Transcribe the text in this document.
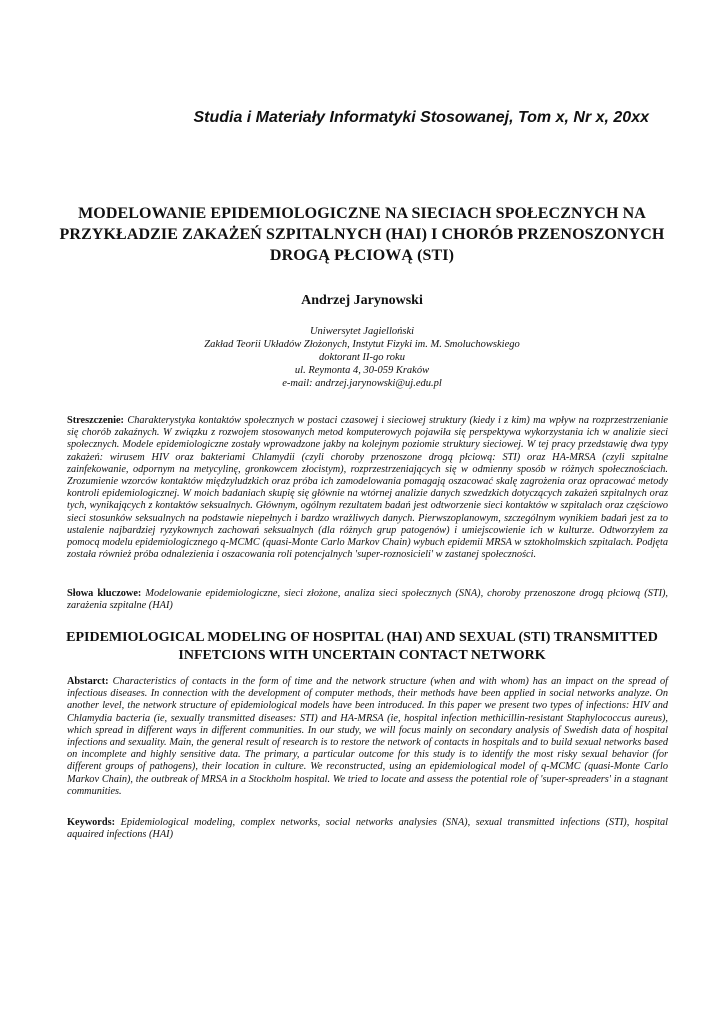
Studia i Materiały Informatyki Stosowanej, Tom x, Nr x, 20xx
MODELOWANIE EPIDEMIOLOGICZNE NA SIECIACH SPOŁECZNYCH NA PRZYKŁADZIE ZAKAŻEŃ SZPITALNYCH (HAI) I CHORÓB PRZENOSZONYCH DROGĄ PŁCIOWĄ (STI)
Andrzej Jarynowski
Uniwersytet Jagielloński
Zakład Teorii Układów Złożonych, Instytut Fizyki im. M. Smoluchowskiego
doktorant II-go roku
ul. Reymonta 4, 30-059 Kraków
e-mail: andrzej.jarynowski@uj.edu.pl
Streszczenie: Charakterystyka kontaktów społecznych w postaci czasowej i sieciowej struktury (kiedy i z kim) ma wpływ na rozprzestrzenianie się chorób zakaźnych. W związku z rozwojem stosowanych metod komputerowych pojawiła się perspektywa wykorzystania ich w analizie sieci społecznych. Modele epidemiologiczne zostały wprowadzone jakby na kolejnym poziomie struktury sieciowej. W tej pracy przedstawię dwa typy zakażeń: wirusem HIV oraz bakteriami Chlamydii (czyli choroby przenoszone drogą płciową: STI) oraz HA-MRSA (czyli szpitalne zainfekowanie, odpornym na metycylinę, gronkowcem złocistym), rozprzestrzeniających się w odmienny sposób w różnych społecznościach. Zrozumienie wzorców kontaktów międzyludzkich oraz próba ich zamodelowania pomagają oszacować skalę zagrożenia oraz opracować metody kontroli epidemiologicznej. W moich badaniach skupię się głównie na wtórnej analizie danych szwedzkich dotyczących zakażeń szpitalnych oraz tych, wynikających z kontaktów seksualnych. Głównym, ogólnym rezultatem badań jest odtworzenie sieci kontaktów w szpitalach oraz częściowo sieci stosunków seksualnych na podstawie niepełnych i bardzo wrażliwych danych. Pierwszoplanowym, szczególnym wynikiem badań jest za to ustalenie najbardziej ryzykownych zachowań seksualnych (dla różnych grup patogenów) i umiejscowienie ich w kulturze. Odtworzyłem za pomocą modelu epidemiologicznego q-MCMC (quasi-Monte Carlo Markov Chain) wybuch epidemii MRSA w sztokholmskich szpitalach. Podjęta została również próba odnalezienia i oszacowania roli potencjalnych 'super-roznosicieli' w zastanej społeczności.
Słowa kluczowe: Modelowanie epidemiologiczne, sieci złożone, analiza sieci społecznych (SNA), choroby przenoszone drogą płciową (STI), zarażenia szpitalne (HAI)
EPIDEMIOLOGICAL MODELING OF HOSPITAL (HAI) AND SEXUAL (STI) TRANSMITTED INFETCIONS WITH UNCERTAIN CONTACT NETWORK
Abstarct: Characteristics of contacts in the form of time and the network structure (when and with whom) has an impact on the spread of infectious diseases. In connection with the development of computer methods, their methods have been applied in social networks analyze. On another level, the network structure of epidemiological models have been introduced. In this paper we present two types of infections: HIV and Chlamydia bacteria (ie, sexually transmitted diseases: STI) and HA-MRSA (ie, hospital infection methicillin-resistant Staphylococcus aureus), which spread in different ways in different communities. In our study, we will focus mainly on secondary analysis of Swedish data of hospital infections and sexuality. Main, the general result of research is to restore the network of contacts in hospitals and to build sexual networks based on incomplete and highly sensitive data. The primary, a particular outcome for this study is to identify the most risky sexual behavior (for different groups of pathogens), their location in culture. We reconstructed, using an epidemiological model of q-MCMC (quasi-Monte Carlo Markov Chain), the outbreak of MRSA in a Stockholm hospital. We tried to locate and assess the potential role of 'super-spreaders' in a stagnant communities.
Keywords: Epidemiological modeling, complex networks, social networks analysies (SNA), sexual transmitted infections (STI), hospital aquaired infections (HAI)
